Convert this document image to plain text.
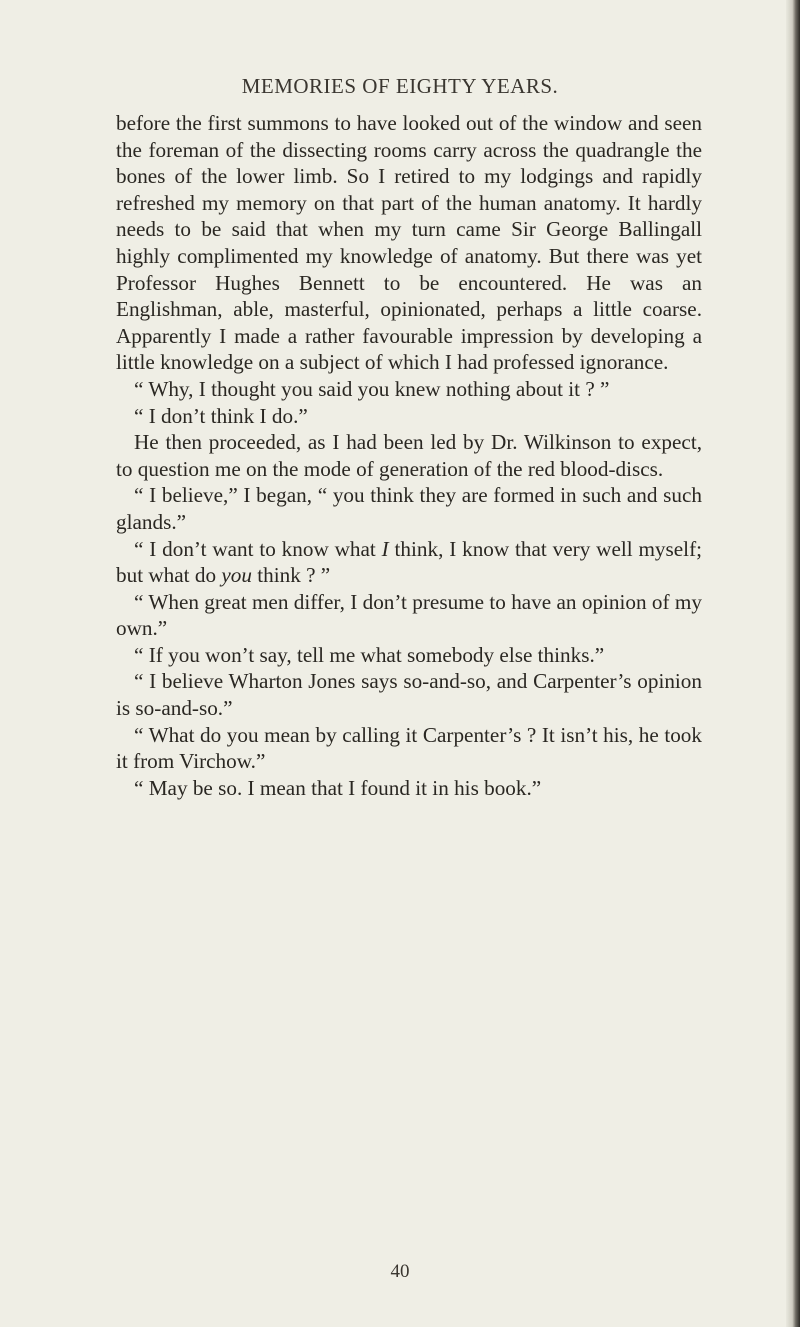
MEMORIES OF EIGHTY YEARS.

before the first summons to have looked out of the window and seen the foreman of the dissecting rooms carry across the quadrangle the bones of the lower limb. So I retired to my lodgings and rapidly refreshed my memory on that part of the human anatomy. It hardly needs to be said that when my turn came Sir George Ballingall highly complimented my knowledge of anatomy. But there was yet Professor Hughes Bennett to be encountered. He was an Englishman, able, masterful, opinionated, perhaps a little coarse. Apparently I made a rather favourable impression by developing a little knowledge on a subject of which I had professed ignorance.

“ Why, I thought you said you knew nothing about it ? ”

“ I don’t think I do.”

He then proceeded, as I had been led by Dr. Wilkinson to expect, to question me on the mode of generation of the red blood-discs.

“ I believe,” I began, “ you think they are formed in such and such glands.”

“ I don’t want to know what I think, I know that very well myself; but what do you think ? ”

“ When great men differ, I don’t presume to have an opinion of my own.”

“ If you won’t say, tell me what somebody else thinks.”

“ I believe Wharton Jones says so-and-so, and Carpenter’s opinion is so-and-so.”

“ What do you mean by calling it Carpenter’s ? It isn’t his, he took it from Virchow.”

“ May be so. I mean that I found it in his book.”

40
